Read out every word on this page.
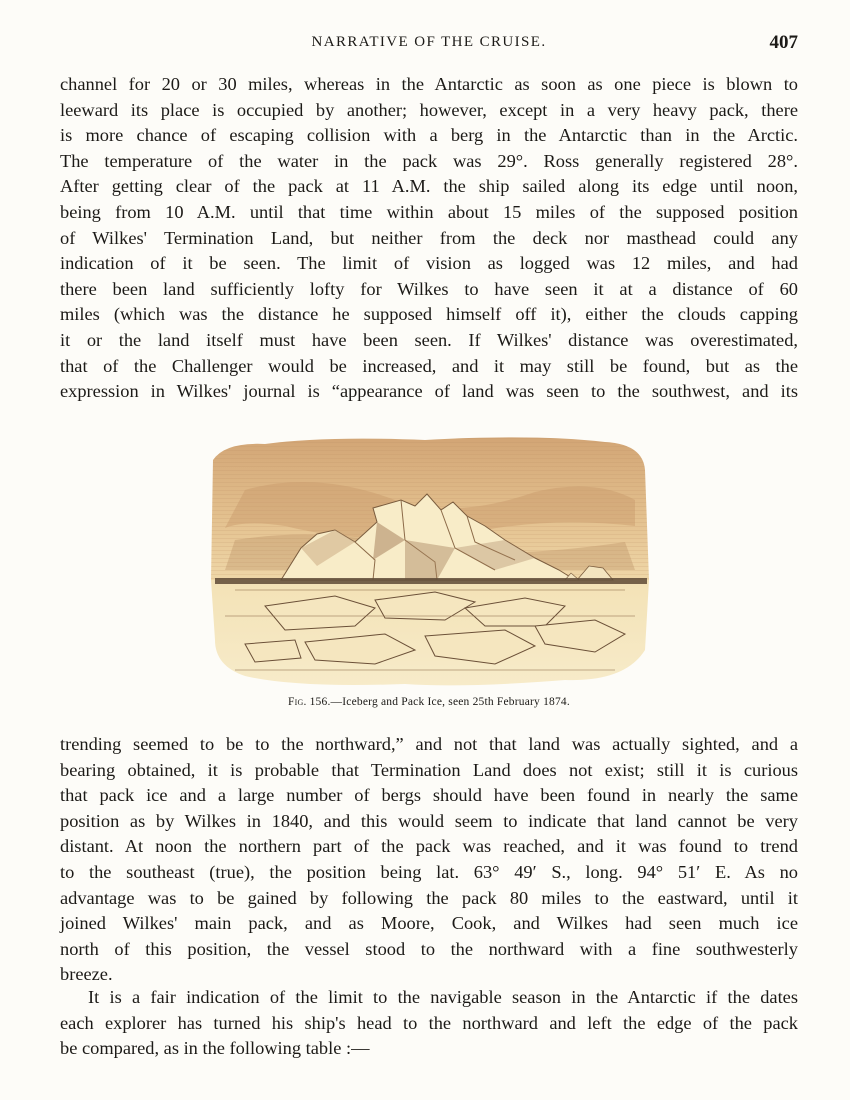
NARRATIVE OF THE CRUISE.	407
channel for 20 or 30 miles, whereas in the Antarctic as soon as one piece is blown to
leeward its place is occupied by another; however, except in a very heavy pack, there
is more chance of escaping collision with a berg in the Antarctic than in the Arctic.
The temperature of the water in the pack was 29°. Ross generally registered 28°.
After getting clear of the pack at 11 A.M. the ship sailed along its edge until noon,
being from 10 A.M. until that time within about 15 miles of the supposed position
of Wilkes' Termination Land, but neither from the deck nor masthead could any
indication of it be seen. The limit of vision as logged was 12 miles, and had
there been land sufficiently lofty for Wilkes to have seen it at a distance of 60
miles (which was the distance he supposed himself off it), either the clouds capping
it or the land itself must have been seen. If Wilkes' distance was overestimated,
that of the Challenger would be increased, and it may still be found, but as the
expression in Wilkes' journal is “appearance of land was seen to the southwest, and its
Fig. 156.—Iceberg and Pack Ice, seen 25th February 1874.
trending seemed to be to the northward,” and not that land was actually sighted, and a
bearing obtained, it is probable that Termination Land does not exist; still it is curious
that pack ice and a large number of bergs should have been found in nearly the same
position as by Wilkes in 1840, and this would seem to indicate that land cannot be very
distant. At noon the northern part of the pack was reached, and it was found to trend
to the southeast (true), the position being lat. 63° 49′ S., long. 94° 51′ E. As no
advantage was to be gained by following the pack 80 miles to the eastward, until it
joined Wilkes' main pack, and as Moore, Cook, and Wilkes had seen much ice
north of this position, the vessel stood to the northward with a fine southwesterly
breeze.
It is a fair indication of the limit to the navigable season in the Antarctic if the dates
each explorer has turned his ship's head to the northward and left the edge of the pack
be compared, as in the following table :—
